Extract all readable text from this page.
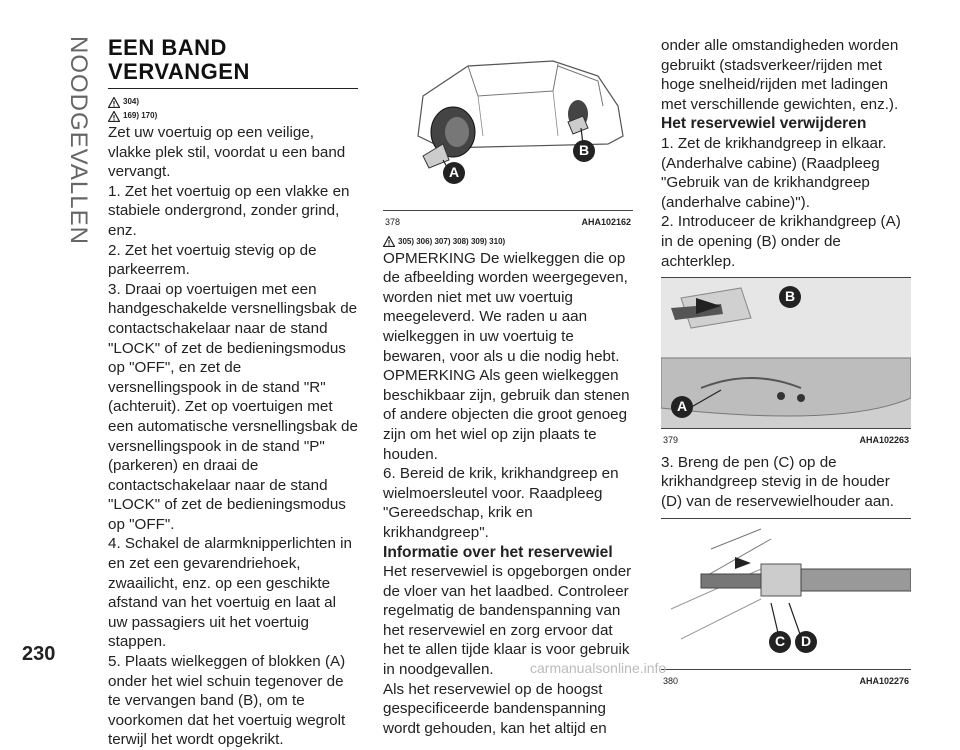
NOODGEVALLEN
230
EEN BAND
VERVANGEN
304)
169) 170)

Zet uw voertuig op een veilige, vlakke plek stil, voordat u een band vervangt.

1. Zet het voertuig op een vlakke en stabiele ondergrond, zonder grind, enz.

2. Zet het voertuig stevig op de parkeerrem.

3. Draai op voertuigen met een handgeschakelde versnellingsbak de contactschakelaar naar de stand "LOCK" of zet de bedieningsmodus op "OFF", en zet de versnellingspook in de stand "R" (achteruit). Zet op voertuigen met een automatische versnellingsbak de versnellingspook in de stand "P" (parkeren) en draai de contactschakelaar naar de stand "LOCK" of zet de bedieningsmodus op "OFF".

4. Schakel de alarmknipperlichten in en zet een gevarendriehoek, zwaailicht, enz. op een geschikte afstand van het voertuig en laat al uw passagiers uit het voertuig stappen.

5. Plaats wielkeggen of blokken (A) onder het wiel schuin tegenover de te vervangen band (B), om te voorkomen dat het voertuig wegrolt terwijl het wordt opgekrikt.

A
B
378	AHA102162
305) 306) 307) 308) 309) 310)

OPMERKING De wielkeggen die op de afbeelding worden weergegeven, worden niet met uw voertuig meegeleverd. We raden u aan wielkeggen in uw voertuig te bewaren, voor als u die nodig hebt.

OPMERKING Als geen wielkeggen beschikbaar zijn, gebruik dan stenen of andere objecten die groot genoeg zijn om het wiel op zijn plaats te houden.

6. Bereid de krik, krikhandgreep en wielmoersleutel voor. Raadpleeg "Gereedschap, krik en krikhandgreep".

Informatie over het reservewiel

Het reservewiel is opgeborgen onder de vloer van het laadbed. Controleer regelmatig de bandenspanning van het reservewiel en zorg ervoor dat het te allen tijde klaar is voor gebruik in noodgevallen.

Als het reservewiel op de hoogst gespecificeerde bandenspanning wordt gehouden, kan het altijd en

onder alle omstandigheden worden gebruikt (stadsverkeer/rijden met hoge snelheid/rijden met ladingen met verschillende gewichten, enz.).

Het reservewiel verwijderen

1. Zet de krikhandgreep in elkaar. (Anderhalve cabine) (Raadpleeg "Gebruik van de krikhandgreep (anderhalve cabine)").

2. Introduceer de krikhandgreep (A) in de opening (B) onder de achterklep.

A
B
379	AHA102263

3. Breng de pen (C) op de krikhandgreep stevig in de houder (D) van de reservewielhouder aan.

C	D
380	AHA102276
carmanualsonline.info
